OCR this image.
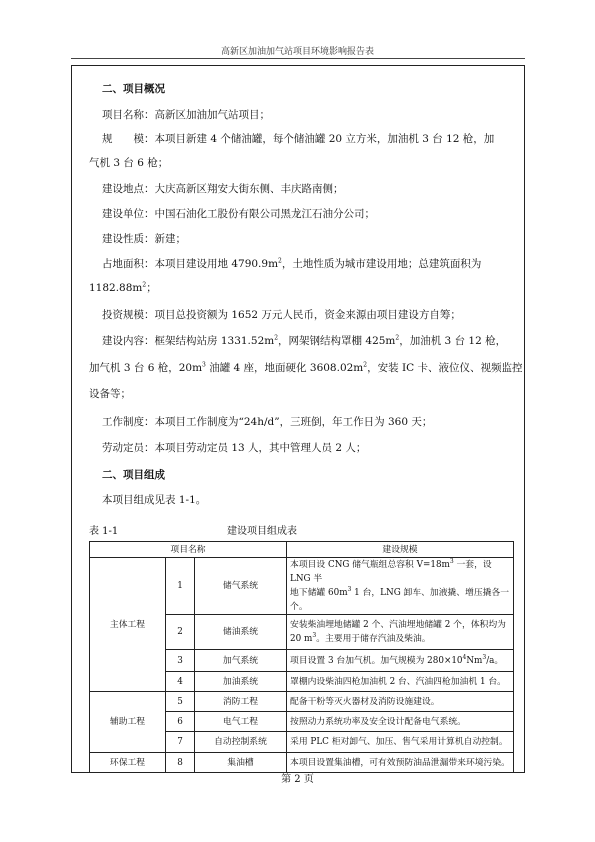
高新区加油加气站项目环境影响报告表
二、项目概况
项目名称：高新区加油加气站项目；
规　　模：本项目新建 4 个储油罐，每个储油罐 20 立方米，加油机 3 台 12 枪，加
气机 3 台 6 枪；
建设地点：大庆高新区翔安大街东侧、丰庆路南侧；
建设单位：中国石油化工股份有限公司黑龙江石油分公司；
建设性质：新建；
占地面积：本项目建设用地 $4790.9m^2$，土地性质为城市建设用地；总建筑面积为
$1182.88m^2$；
投资规模：项目总投资额为 1652 万元人民币，资金来源由项目建设方自筹；
建设内容：框架结构站房 $1331.52m^2$，网架钢结构罩棚 $425m^2$，加油机 3 台 12 枪，
加气机 3 台 6 枪，$20m^3$ 油罐 4 座，地面硬化 $3608.02m^2$，安装 IC 卡、液位仪、视频监控
设备等；
工作制度：本项目工作制度为“24h/d”，三班倒，年工作日为 360 天；
劳动定员：本项目劳动定员 13 人，其中管理人员 2 人；
二、项目组成
本项目组成见表 1-1。
表 1-1	建设项目组成表
项目名称			建设规模
主体工程	1	储气系统	本项目设 CNG 储气瓶组总容积 $V=18m^3$ 一套，设 LNG 半
地下储罐 $60m^3$ 1 台，LNG 卸车、加液撬、增压撬各一个。
	2	储油系统	安装柴油埋地储罐 2 个、汽油埋地储罐 2 个，体积均为
20 $m^3$。主要用于储存汽油及柴油。
	3	加气系统	项目设置 3 台加气机。加气规模为 $280\times 10^4Nm^3/a$。
	4	加油系统	罩棚内设柴油四枪加油机 2 台、汽油四枪加油机 1 台。
辅助工程	5	消防工程	配备干粉等灭火器材及消防设施建设。
	6	电气工程	按照动力系统功率及安全设计配备电气系统。
	7	自动控制系统	采用 PLC 柜对卸气、加压、售气采用计算机自动控制。
环保工程	8	集油槽	本项目设置集油槽，可有效预防油品泄漏带来环境污染。
第 2 页
